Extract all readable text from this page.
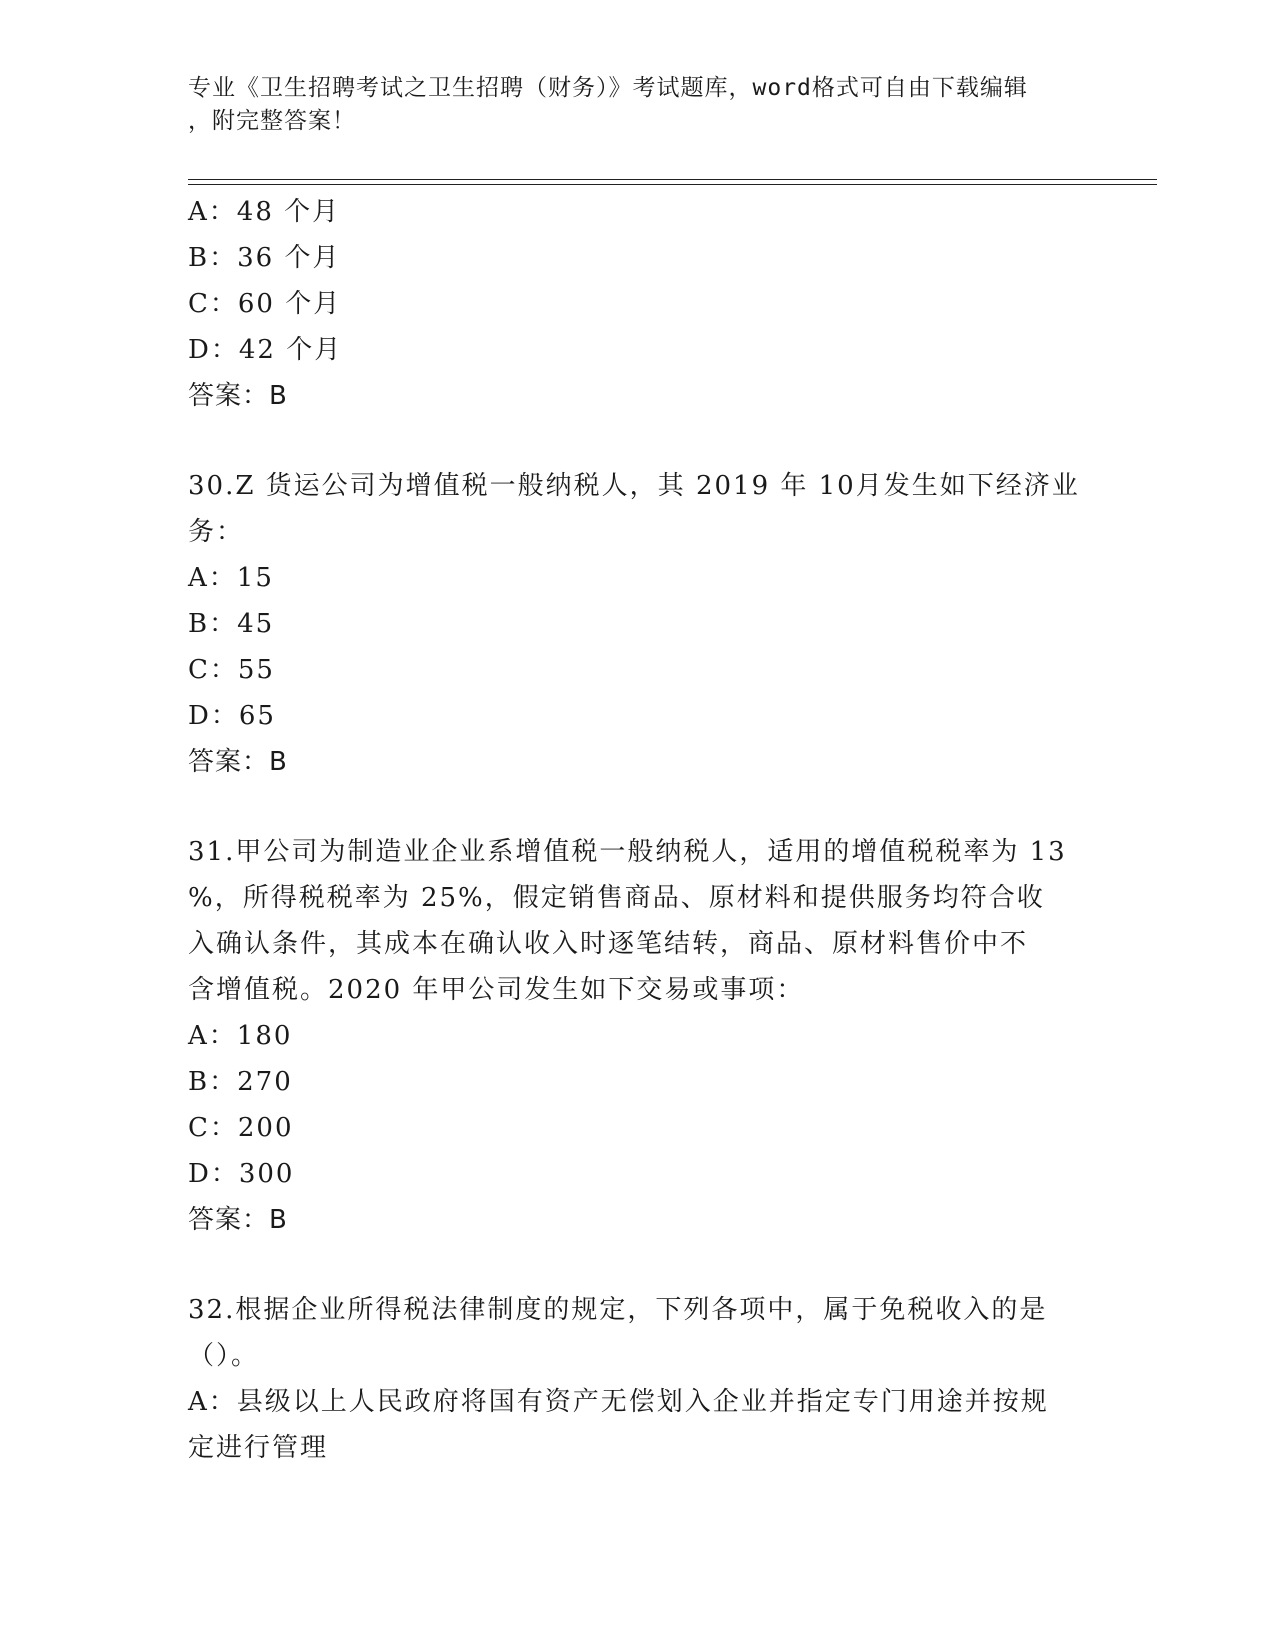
专业《卫生招聘考试之卫生招聘（财务）》考试题库，word格式可自由下载编辑
，附完整答案！
A：48 个月
B：36 个月
C：60 个月
D：42 个月
答案：B
30.Z 货运公司为增值税一般纳税人，其 2019 年 10月发生如下经济业
务：
A：15
B：45
C：55
D：65
答案：B
31.甲公司为制造业企业系增值税一般纳税人，适用的增值税税率为 13
%，所得税税率为 25%，假定销售商品、原材料和提供服务均符合收
入确认条件，其成本在确认收入时逐笔结转，商品、原材料售价中不
含增值税。2020 年甲公司发生如下交易或事项：
A：180
B：270
C：200
D：300
答案：B
32.根据企业所得税法律制度的规定，下列各项中，属于免税收入的是
（）。
A：县级以上人民政府将国有资产无偿划入企业并指定专门用途并按规
定进行管理
